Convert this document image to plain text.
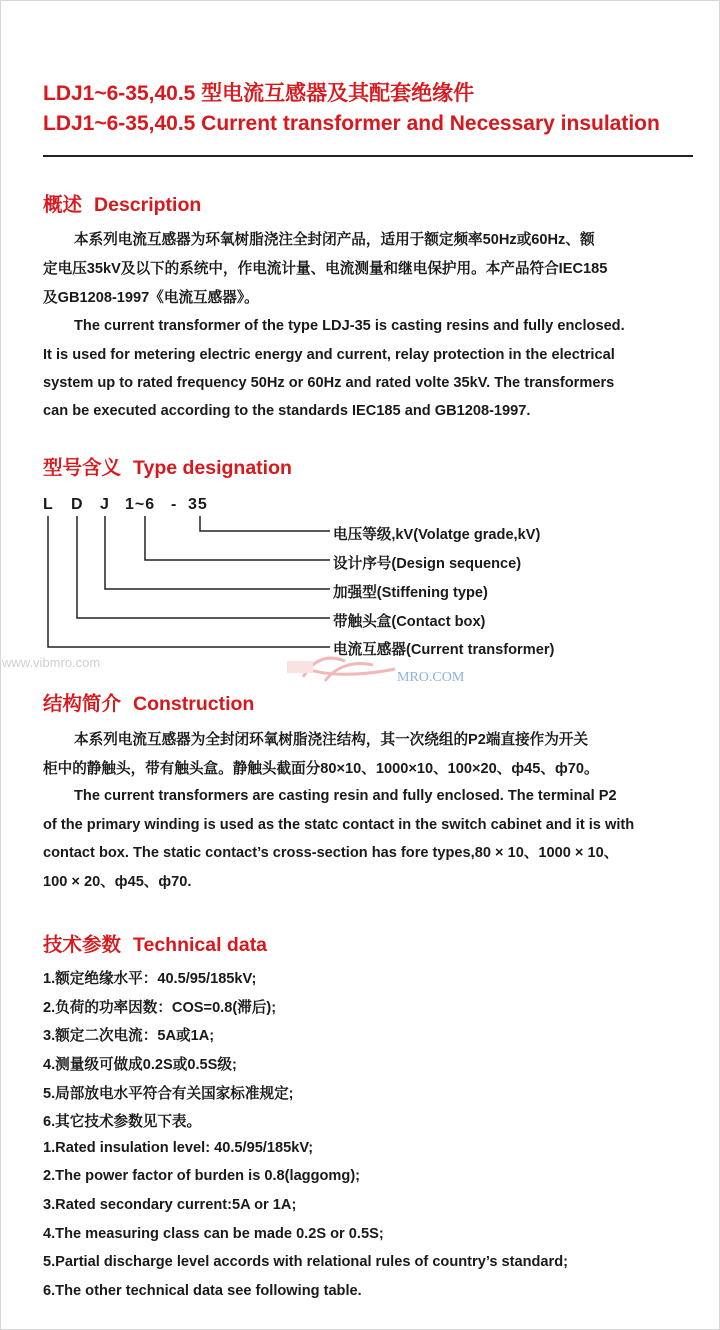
LDJ1~6-35,40.5 型电流互感器及其配套绝缘件
LDJ1~6-35,40.5 Current transformer and Necessary insulation
概述 Description

本系列电流互感器为环氧树脂浇注全封闭产品，适用于额定频率50Hz或60Hz、额

定电压35kV及以下的系统中，作电流计量、电流测量和继电保护用。本产品符合IEC185

及GB1208-1997《电流互感器》。

The current transformer of the type LDJ-35 is casting resins and fully enclosed.

It is used for metering electric energy and current, relay protection in the electrical

system up to rated frequency 50Hz or 60Hz and rated volte 35kV. The transformers

can be executed according to the standards IEC185 and GB1208-1997.

型号含义 Type designation
L D J 1~6 - 35
电压等级,kV(Volatge grade,kV)
设计序号(Design sequence)
加强型(Stiffening type)
带触头盒(Contact box)
电流互感器(Current transformer)
www.vibmro.com
MRO.COM
结构简介 Construction

本系列电流互感器为全封闭环氧树脂浇注结构，其一次绕组的P2端直接作为开关

柜中的静触头，带有触头盒。静触头截面分80×10、1000×10、100×20、ф45、ф70。

The current transformers are casting resin and fully enclosed. The terminal P2

of the primary winding is used as the statc contact in the switch cabinet and it is with

contact box. The static contact’s cross-section has fore types,80 × 10、1000 × 10、

100 × 20、ф45、ф70.

技术参数 Technical data
1.额定绝缘水平：40.5/95/185kV;
2.负荷的功率因数：COS=0.8(滞后);
3.额定二次电流：5A或1A;
4.测量级可做成0.2S或0.5S级;
5.局部放电水平符合有关国家标准规定;
6.其它技术参数见下表。
1.Rated insulation level: 40.5/95/185kV;
2.The power factor of burden is 0.8(laggomg);
3.Rated secondary current:5A or 1A;
4.The measuring class can be made 0.2S or 0.5S;
5.Partial discharge level accords with relational rules of country’s standard;
6.The other technical data see following table.
